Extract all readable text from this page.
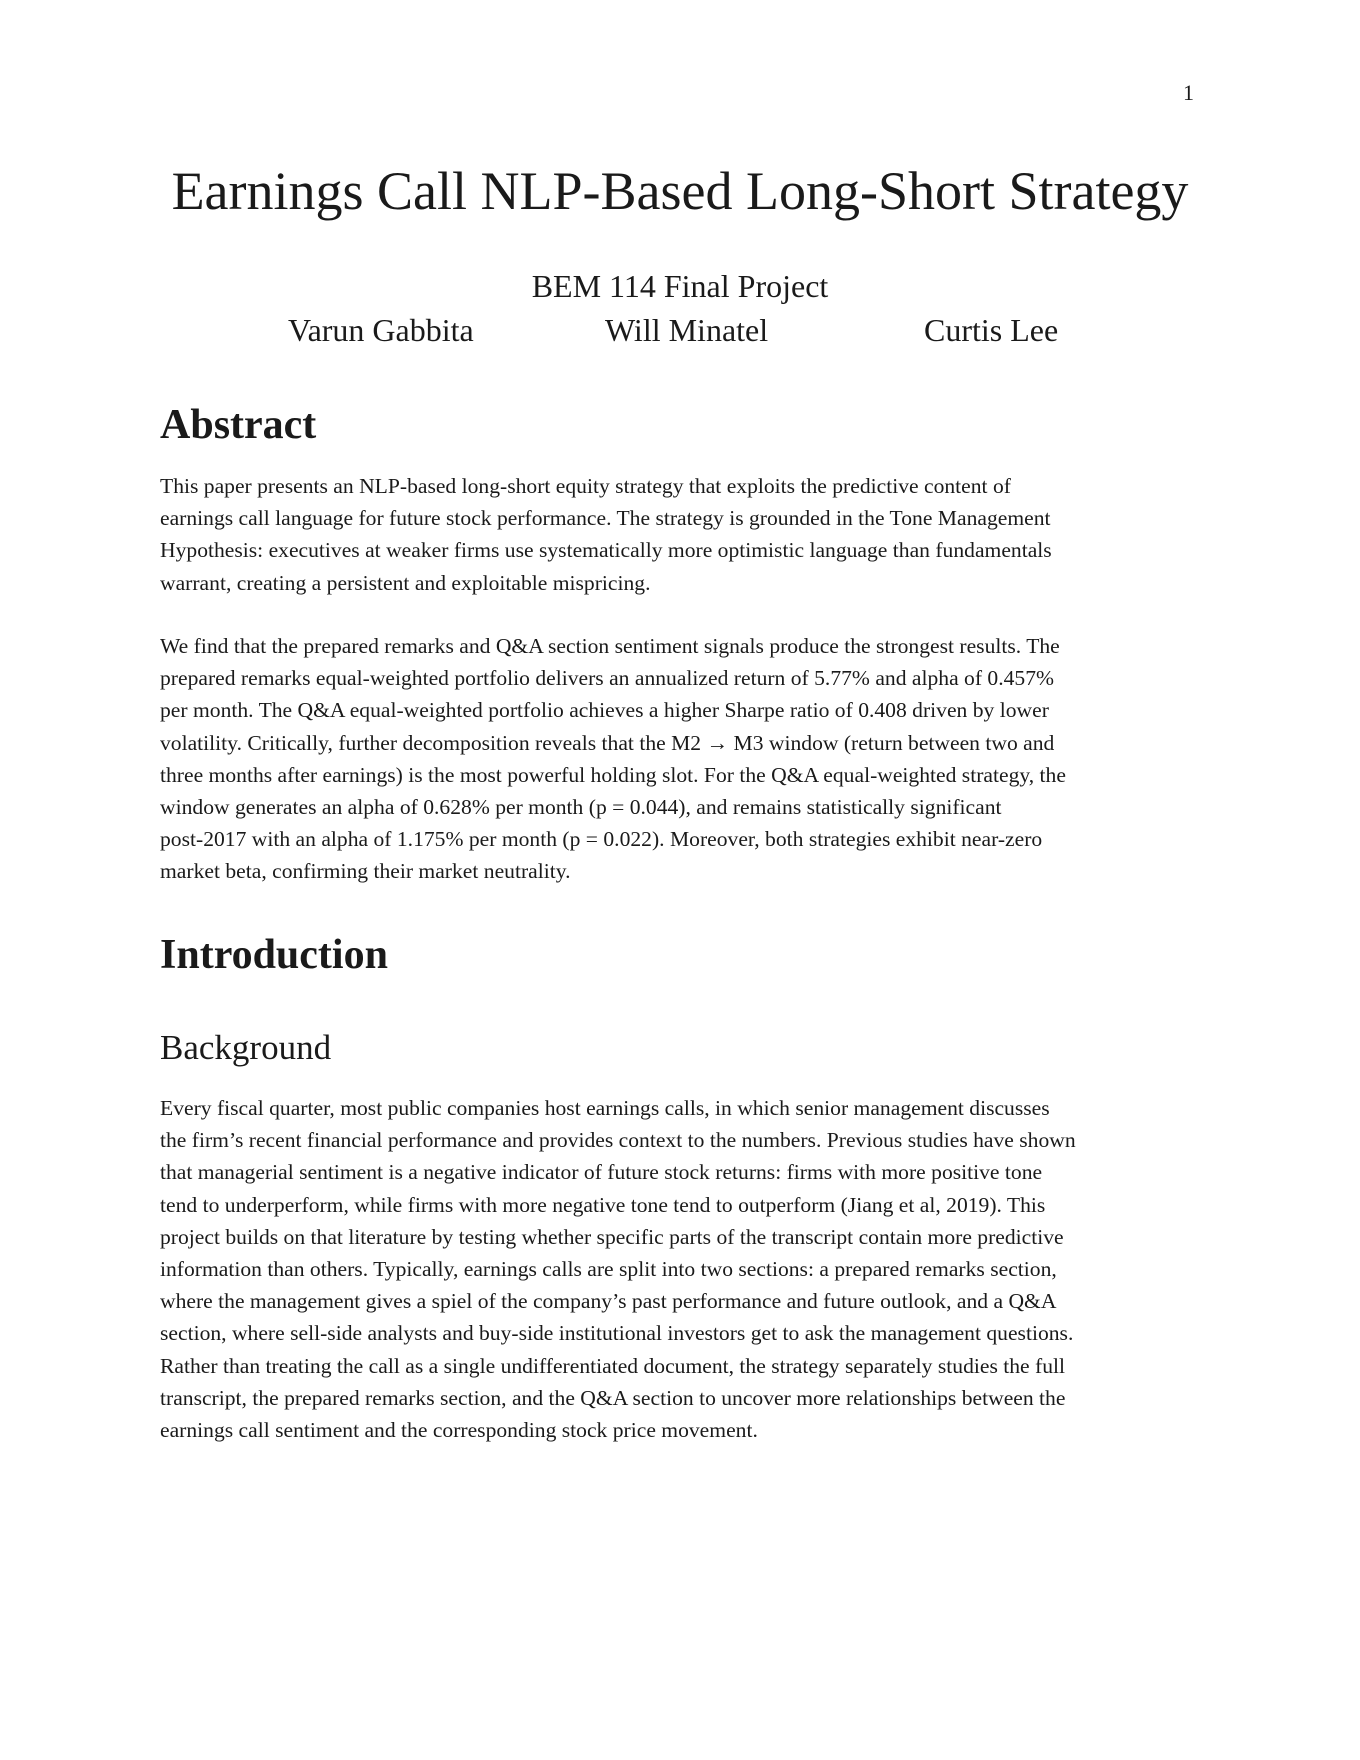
1
Earnings Call NLP-Based Long-Short Strategy
BEM 114 Final Project
Varun Gabbita	Will Minatel	Curtis Lee
Abstract

This paper presents an NLP-based long-short equity strategy that exploits the predictive content of
earnings call language for future stock performance. The strategy is grounded in the Tone Management
Hypothesis: executives at weaker firms use systematically more optimistic language than fundamentals
warrant, creating a persistent and exploitable mispricing.

We find that the prepared remarks and Q&A section sentiment signals produce the strongest results. The
prepared remarks equal-weighted portfolio delivers an annualized return of 5.77% and alpha of 0.457%
per month. The Q&A equal-weighted portfolio achieves a higher Sharpe ratio of 0.408 driven by lower
volatility. Critically, further decomposition reveals that the M2 → M3 window (return between two and
three months after earnings) is the most powerful holding slot. For the Q&A equal-weighted strategy, the
window generates an alpha of 0.628% per month (p = 0.044), and remains statistically significant
post-2017 with an alpha of 1.175% per month (p = 0.022). Moreover, both strategies exhibit near-zero
market beta, confirming their market neutrality.

Introduction
Background

Every fiscal quarter, most public companies host earnings calls, in which senior management discusses
the firm’s recent financial performance and provides context to the numbers. Previous studies have shown
that managerial sentiment is a negative indicator of future stock returns: firms with more positive tone
tend to underperform, while firms with more negative tone tend to outperform (Jiang et al, 2019). This
project builds on that literature by testing whether specific parts of the transcript contain more predictive
information than others. Typically, earnings calls are split into two sections: a prepared remarks section,
where the management gives a spiel of the company’s past performance and future outlook, and a Q&A
section, where sell-side analysts and buy-side institutional investors get to ask the management questions.
Rather than treating the call as a single undifferentiated document, the strategy separately studies the full
transcript, the prepared remarks section, and the Q&A section to uncover more relationships between the
earnings call sentiment and the corresponding stock price movement.
